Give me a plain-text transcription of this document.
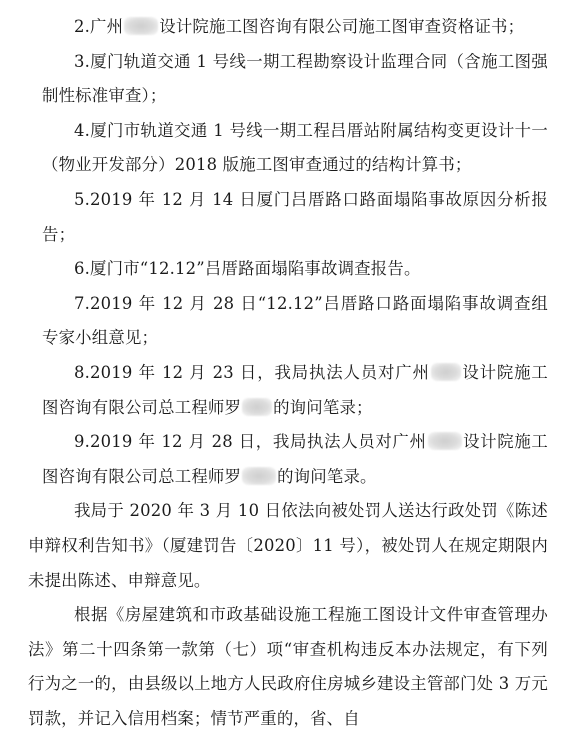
2.广州 设计院施工图咨询有限公司施工图审查资格证书；

3.厦门轨道交通 1 号线一期工程勘察设计监理合同（含施工图强制性标准审查）；

4.厦门市轨道交通 1 号线一期工程吕厝站附属结构变更设计十一（物业开发部分）2018 版施工图审查通过的结构计算书；

5.2019 年 12 月 14 日厦门吕厝路口路面塌陷事故原因分析报告；

6.厦门市“12.12”吕厝路面塌陷事故调查报告。

7.2019 年 12 月 28 日“12.12”吕厝路口路面塌陷事故调查组专家小组意见；

8.2019 年 12 月 23 日，我局执法人员对广州 设计院施工图咨询有限公司总工程师罗 的询问笔录；

9.2019 年 12 月 28 日，我局执法人员对广州 设计院施工图咨询有限公司总工程师罗 的询问笔录。

我局于 2020 年 3 月 10 日依法向被处罚人送达行政处罚《陈述申辩权利告知书》（厦建罚告〔2020〕11 号），被处罚人在规定期限内未提出陈述、申辩意见。

根据《房屋建筑和市政基础设施工程施工图设计文件审查管理办法》第二十四条第一款第（七）项“审查机构违反本办法规定，有下列行为之一的，由县级以上地方人民政府住房城乡建设主管部门处 3 万元罚款，并记入信用档案；情节严重的，省、自
